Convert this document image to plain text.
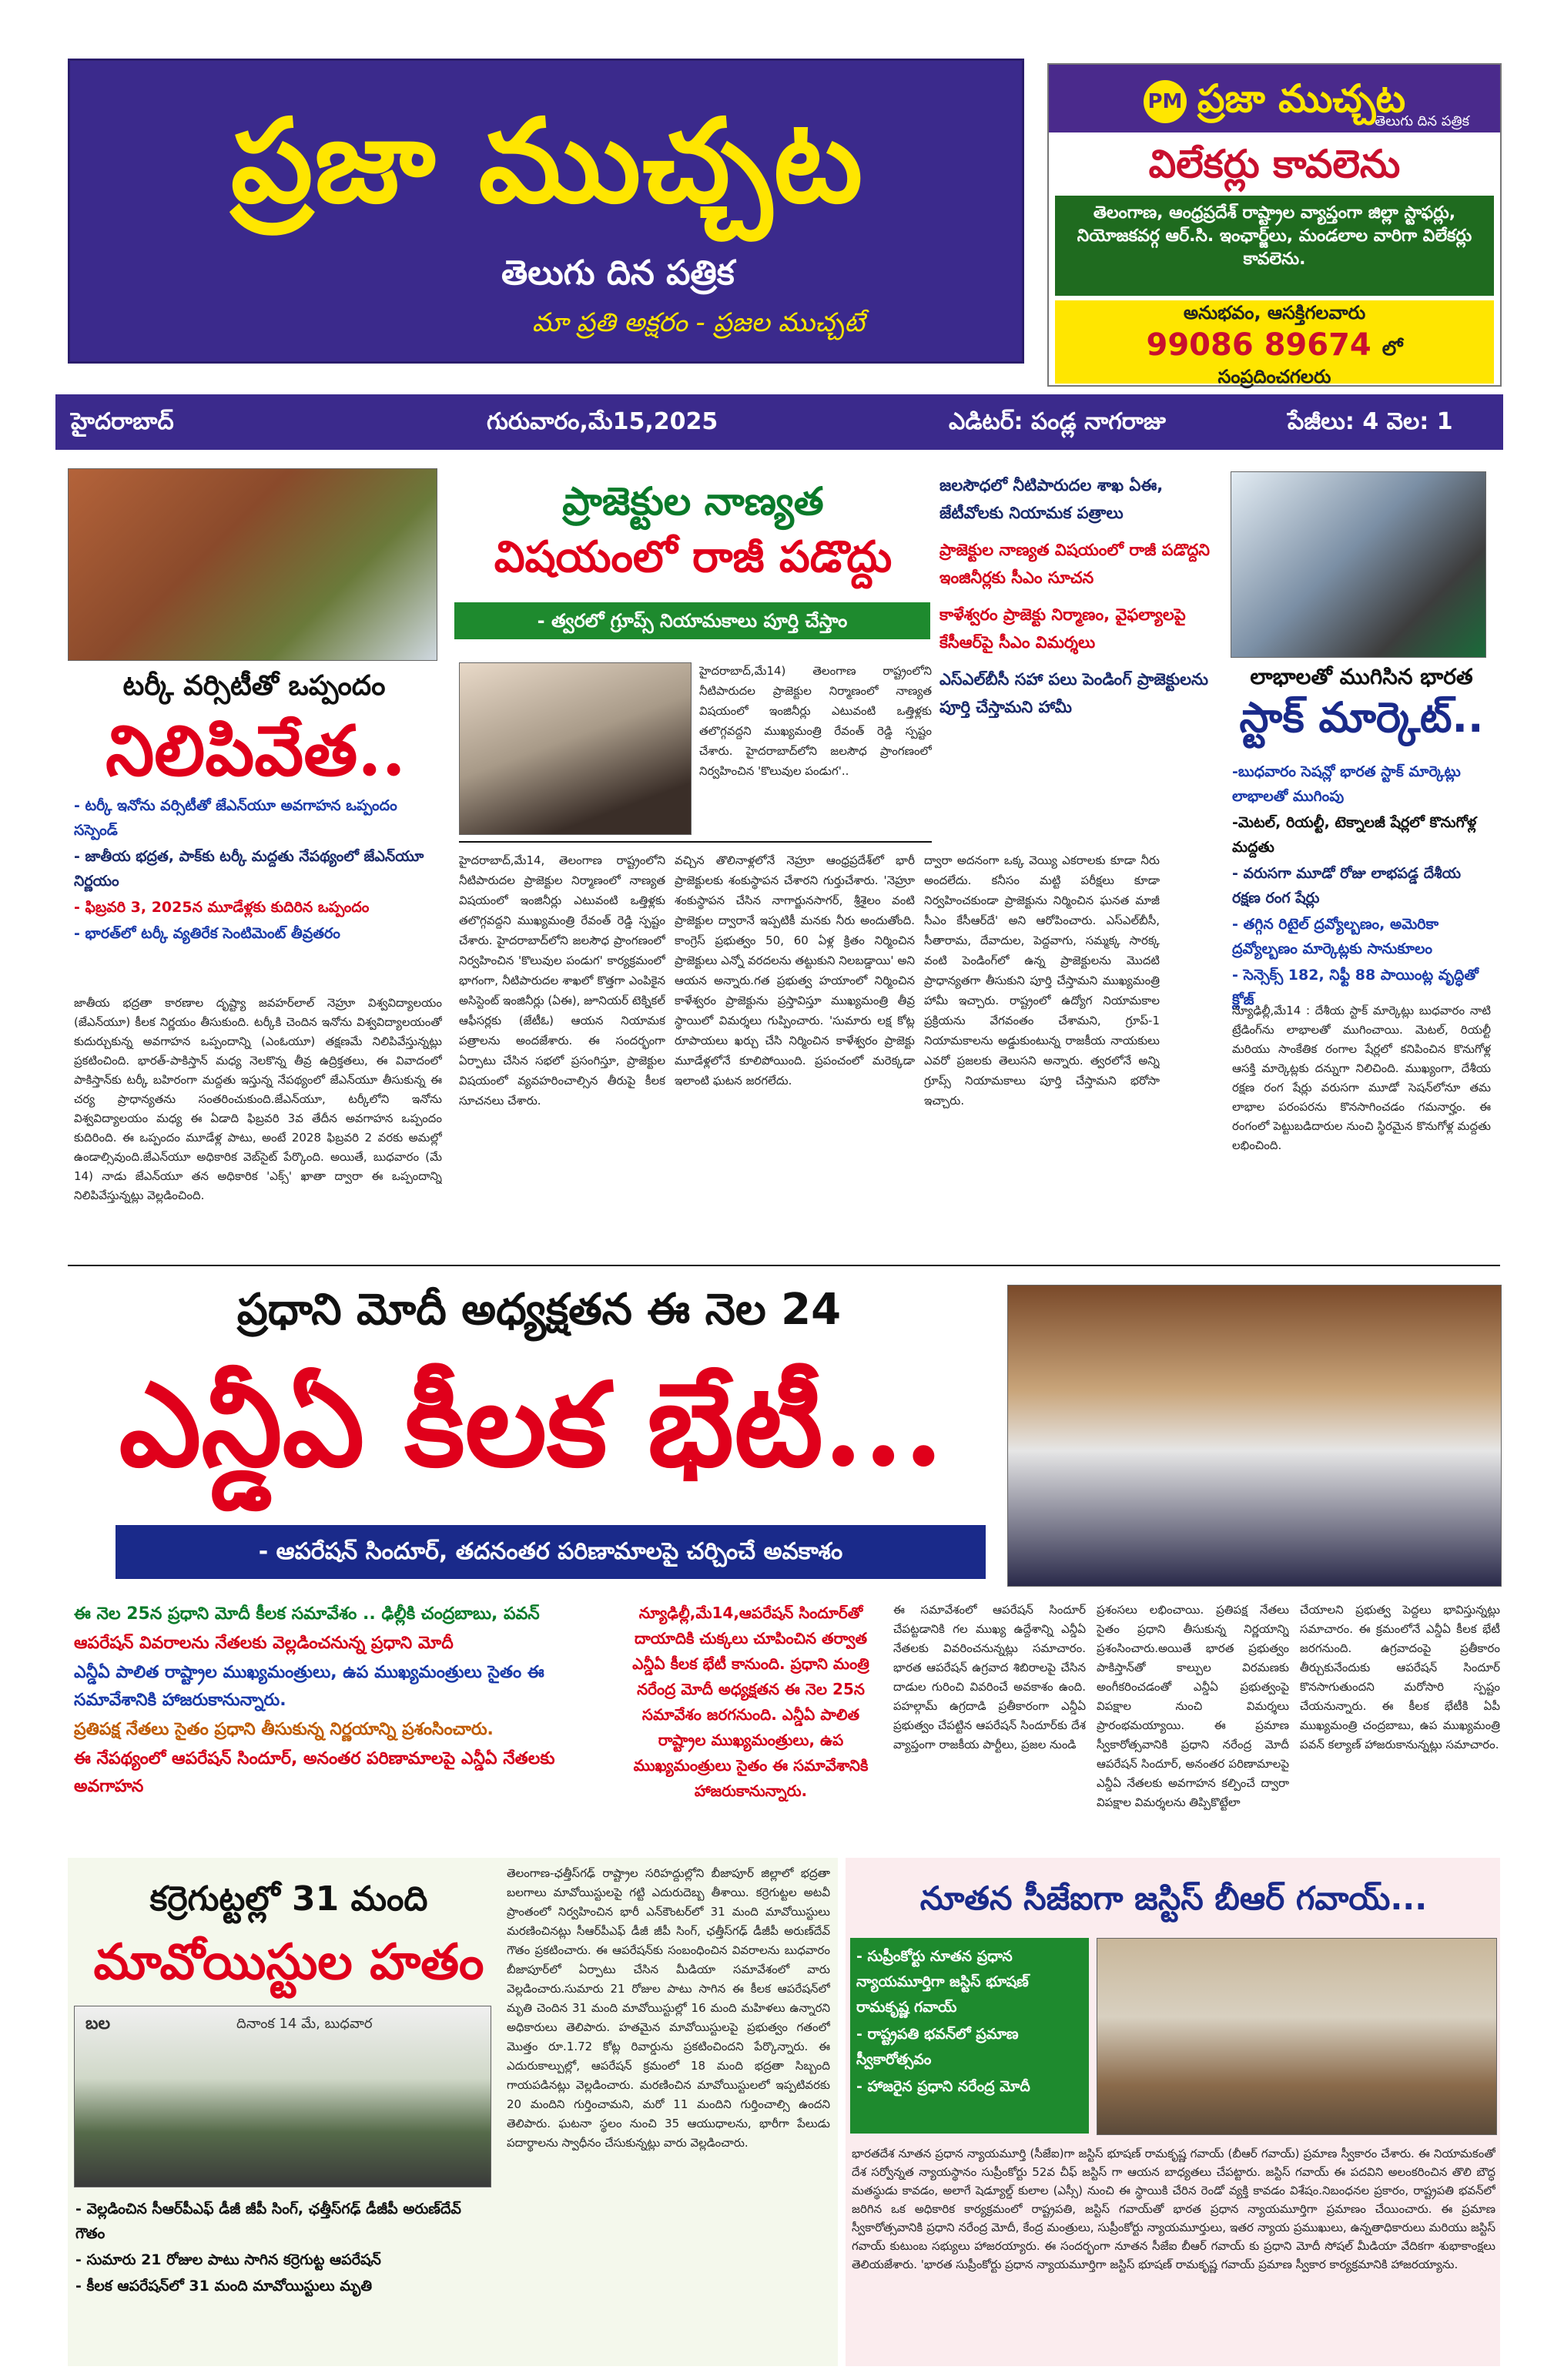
ప్రజా ముచ్చట
తెలుగు దిన పత్రిక
మా ప్రతి అక్షరం - ప్రజల ముచ్చటే
PM ప్రజా ముచ్చట
తెలుగు దిన పత్రిక
విలేకర్లు కావలెను
తెలంగాణ, ఆంధ్రప్రదేశ్ రాష్ట్రాల వ్యాప్తంగా జిల్లా స్టాఫర్లు, నియోజకవర్గ ఆర్.సి. ఇంఛార్జ్‌లు, మండలాల వారిగా విలేకర్లు కావలెను.
అనుభవం, ఆసక్తిగలవారు
99086 89674 లో
సంప్రదించగలరు
హైదరాబాద్	గురువారం,మే15,2025	ఎడిటర్: పండ్ల నాగరాజు	పేజీలు: 4 వెల: 1
టర్కీ వర్సిటీతో ఒప్పందం
నిలిపివేత..
- టర్కీ ఇనోను వర్సిటీతో జేఎన్‌యూ అవగాహన ఒప్పందం సస్పెండ్
- జాతీయ భద్రత, పాక్‌కు టర్కీ మద్దతు నేపథ్యంలో జేఎన్‌యూ నిర్ణయం
- ఫిబ్రవరి 3, 2025న మూడేళ్లకు కుదిరిన ఒప్పందం
- భారత్‌లో టర్కీ వ్యతిరేక సెంటిమెంట్ తీవ్రతరం
జాతీయ భద్రతా కారణాల దృష్ట్యా జవహర్‌లాల్ నెహ్రూ విశ్వవిద్యాలయం (జేఎన్‌యూ) కీలక నిర్ణయం తీసుకుంది. టర్కీకి చెందిన ఇనోను విశ్వవిద్యాలయంతో కుదుర్చుకున్న అవగాహన ఒప్పందాన్ని (ఎంఓయూ) తక్షణమే నిలిపివేస్తున్నట్లు ప్రకటించింది. భారత్-పాకిస్తాన్ మధ్య నెలకొన్న తీవ్ర ఉద్రిక్తతలు, ఈ వివాదంలో పాకిస్తాన్‌కు టర్కీ బహిరంగా మద్దతు ఇస్తున్న నేపథ్యంలో జేఎన్‌యూ తీసుకున్న ఈ చర్య ప్రాధాన్యతను సంతరించుకుంది.జేఎన్‌యూ, టర్కీలోని ఇనోను విశ్వవిద్యాలయం మధ్య ఈ ఏడాది ఫిబ్రవరి 3వ తేదీన అవగాహన ఒప్పందం కుదిరింది. ఈ ఒప్పందం మూడేళ్ల పాటు, అంటే 2028 ఫిబ్రవరి 2 వరకు అమల్లో ఉండాల్సివుంది.జేఎన్‌యూ అధికారిక వెబ్‌సైట్ పేర్కొంది. అయితే, బుధవారం (మే 14) నాడు జేఎన్‌యూ తన అధికారిక 'ఎక్స్' ఖాతా ద్వారా ఈ ఒప్పందాన్ని నిలిపివేస్తున్నట్లు వెల్లడించింది.
ప్రాజెక్టుల నాణ్యత
విషయంలో రాజీ పడొద్దు
- త్వరలో గ్రూప్స్ నియామకాలు పూర్తి చేస్తాం
హైదరాబాద్,మే14) తెలంగాణ రాష్ట్రంలోని నీటిపారుదల ప్రాజెక్టుల నిర్మాణంలో నాణ్యత విషయంలో ఇంజినీర్లు ఎటువంటి ఒత్తిళ్లకు తలొగ్గవద్దని ముఖ్యమంత్రి రేవంత్ రెడ్డి స్పష్టం చేశారు. హైదరాబాద్‌లోని జలసౌధ ప్రాంగణంలో నిర్వహించిన 'కొలువుల పండుగ'..
హైదరాబాద్,మే14, తెలంగాణ రాష్ట్రంలోని నీటిపారుదల ప్రాజెక్టుల నిర్మాణంలో నాణ్యత విషయంలో ఇంజినీర్లు ఎటువంటి ఒత్తిళ్లకు తలొగ్గవద్దని ముఖ్యమంత్రి రేవంత్ రెడ్డి స్పష్టం చేశారు. హైదరాబాద్‌లోని జలసౌధ ప్రాంగణంలో నిర్వహించిన 'కొలువుల పండుగ' కార్యక్రమంలో భాగంగా, నీటిపారుదల శాఖలో కొత్తగా ఎంపికైన అసిస్టెంట్ ఇంజినీర్లు (ఏఈ), జూనియర్ టెక్నికల్ ఆఫీసర్లకు (జేటీఓ) ఆయన నియామక పత్రాలను అందజేశారు. ఈ సందర్భంగా ఏర్పాటు చేసిన సభలో ప్రసంగిస్తూ, ప్రాజెక్టుల విషయంలో వ్యవహరించాల్సిన తీరుపై కీలక సూచనలు చేశారు.
వచ్చిన తొలినాళ్లలోనే నెహ్రూ ఆంధ్రప్రదేశ్‌లో భారీ ప్రాజెక్టులకు శంకుస్థాపన చేశారని గుర్తుచేశారు. 'నెహ్రూ శంకుస్థాపన చేసిన నాగార్జునసాగర్, శ్రీశైలం వంటి ప్రాజెక్టుల ద్వారానే ఇప్పటికీ మనకు నీరు అందుతోంది. కాంగ్రెస్ ప్రభుత్వం 50, 60 ఏళ్ల క్రితం నిర్మించిన ప్రాజెక్టులు ఎన్నో వరదలను తట్టుకుని నిలబడ్డాయి' అని ఆయన అన్నారు.గత ప్రభుత్వ హయాంలో నిర్మించిన కాళేశ్వరం ప్రాజెక్టును ప్రస్తావిస్తూ ముఖ్యమంత్రి తీవ్ర స్థాయిలో విమర్శలు గుప్పించారు. 'సుమారు లక్ష కోట్ల రూపాయలు ఖర్చు చేసి నిర్మించిన కాళేశ్వరం ప్రాజెక్టు మూడేళ్లలోనే కూలిపోయింది. ప్రపంచంలో మరెక్కడా ఇలాంటి ఘటన జరగలేదు.
ద్వారా అదనంగా ఒక్క వెయ్యి ఎకరాలకు కూడా నీరు అందలేదు. కనీసం మట్టి పరీక్షలు కూడా నిర్వహించకుండా ప్రాజెక్టును నిర్మించిన ఘనత మాజీ సీఎం కేసీఆర్‌దే' అని ఆరోపించారు. ఎస్ఎల్‌బీసీ, సీతారామ, దేవాదుల, పెద్దవాగు, సమ్మక్క సారక్క వంటి పెండింగ్‌లో ఉన్న ప్రాజెక్టులను మొదటి ప్రాధాన్యతగా తీసుకుని పూర్తి చేస్తామని ముఖ్యమంత్రి హామీ ఇచ్చారు. రాష్ట్రంలో ఉద్యోగ నియామకాల ప్రక్రియను వేగవంతం చేశామని, గ్రూప్-1 నియామకాలను అడ్డుకుంటున్న రాజకీయ నాయకులు ఎవరో ప్రజలకు తెలుసని అన్నారు. త్వరలోనే అన్ని గ్రూప్స్ నియామకాలు పూర్తి చేస్తామని భరోసా ఇచ్చారు.
జలసౌధలో నీటిపారుదల శాఖ ఏఈ, జేటీవోలకు నియామక పత్రాలు
ప్రాజెక్టుల నాణ్యత విషయంలో రాజీ పడొద్దని ఇంజినీర్లకు సీఎం సూచన
కాళేశ్వరం ప్రాజెక్టు నిర్మాణం, వైఫల్యాలపై కేసీఆర్‌పై సీఎం విమర్శలు
ఎస్ఎల్‌బీసీ సహా పలు పెండింగ్ ప్రాజెక్టులను పూర్తి చేస్తామని హామీ
లాభాలతో ముగిసిన భారత
స్టాక్ మార్కెట్..
-బుధవారం సెషన్లో భారత స్టాక్ మార్కెట్లు లాభాలతో ముగింపు
-మెటల్, రియల్టీ, టెక్నాలజీ షేర్లలో కొనుగోళ్ల మద్దతు
- వరుసగా మూడో రోజు లాభపడ్డ దేశీయ రక్షణ రంగ షేర్లు
- తగ్గిన రిటైల్ ద్రవ్యోల్బణం, అమెరికా ద్రవ్యోల్బణం మార్కెట్లకు సానుకూలం
- సెన్సెక్స్ 182, నిఫ్టీ 88 పాయింట్ల వృద్ధితో క్లోజ్
న్యూఢిల్లీ,మే14 : దేశీయ స్టాక్ మార్కెట్లు బుధవారం నాటి ట్రేడింగ్‌ను లాభాలతో ముగించాయి. మెటల్, రియల్టీ మరియు సాంకేతిక రంగాల షేర్లలో కనిపించిన కొనుగోళ్ల ఆసక్తి మార్కెట్లకు దన్నుగా నిలిచింది. ముఖ్యంగా, దేశీయ రక్షణ రంగ షేర్లు వరుసగా మూడో సెషన్‌లోనూ తమ లాభాల పరంపరను కొనసాగించడం గమనార్హం. ఈ రంగంలో పెట్టుబడిదారుల నుంచి స్థిరమైన కొనుగోళ్ల మద్దతు లభించింది.
ప్రధాని మోదీ అధ్యక్షతన ఈ నెల 24
ఎన్డీఏ కీలక భేటీ...
- ఆపరేషన్ సిందూర్, తదనంతర పరిణామాలపై చర్చించే అవకాశం
ఈ నెల 25న ప్రధాని మోదీ కీలక సమావేశం .. ఢిల్లీకి చంద్రబాబు, పవన్
ఆపరేషన్ వివరాలను నేతలకు వెల్లడించనున్న ప్రధాని మోదీ
ఎన్డీఏ పాలిత రాష్ట్రాల ముఖ్యమంత్రులు, ఉప ముఖ్యమంత్రులు సైతం ఈ సమావేశానికి హాజరుకానున్నారు.
ప్రతిపక్ష నేతలు సైతం ప్రధాని తీసుకున్న నిర్ణయాన్ని ప్రశంసించారు.
ఈ నేపథ్యంలో ఆపరేషన్ సిందూర్, అనంతర పరిణామాలపై ఎన్డీఏ నేతలకు అవగాహన
న్యూఢిల్లీ,మే14,ఆపరేషన్ సిందూర్‌తో దాయాదికి చుక్కలు చూపించిన తర్వాత ఎన్డీఏ కీలక భేటీ కానుంది. ప్రధాని మంత్రి నరేంద్ర మోదీ అధ్యక్షతన ఈ నెల 25న సమావేశం జరగనుంది. ఎన్డీఏ పాలిత రాష్ట్రాల ముఖ్యమంత్రులు, ఉప ముఖ్యమంత్రులు సైతం ఈ సమావేశానికి హాజరుకానున్నారు.
ఈ సమావేశంలో ఆపరేషన్ సిందూర్ చేపట్టడానికి గల ముఖ్య ఉద్దేశాన్ని ఎన్డీఏ నేతలకు వివరించనున్నట్లు సమాచారం. భారత ఆపరేషన్ ఉగ్రవాద శిబిరాలపై చేసిన దాడుల గురించి వివరించే అవకాశం ఉంది. పహల్గామ్ ఉగ్రదాడి ప్రతీకారంగా ఎన్డీఏ ప్రభుత్వం చేపట్టిన ఆపరేషన్ సిందూర్‌కు దేశ వ్యాప్తంగా రాజకీయ పార్టీలు, ప్రజల నుండి
ప్రశంసలు లభించాయి. ప్రతిపక్ష నేతలు సైతం ప్రధాని తీసుకున్న నిర్ణయాన్ని ప్రశంసించారు.అయితే భారత ప్రభుత్వం పాకిస్తాన్‌తో కాల్పుల విరమణకు అంగీకరించడంతో ఎన్డీఏ ప్రభుత్వంపై విపక్షాల నుంచి విమర్శలు ప్రారంభమయ్యాయి. ఈ ప్రమాణ స్వీకారోత్సవానికి ప్రధాని నరేంద్ర మోదీ ఆపరేషన్ సిందూర్, అనంతర పరిణామాలపై ఎన్డీఏ నేతలకు అవగాహన కల్పించే ద్వారా విపక్షాల విమర్శలను తిప్పికొట్టేలా
చేయాలని ప్రభుత్వ పెద్దలు భావిస్తున్నట్లు సమాచారం. ఈ క్రమంలోనే ఎన్డీఏ కీలక భేటీ జరగనుంది. ఉగ్రవాదంపై ప్రతీకారం తీర్చుకునేందుకు ఆపరేషన్ సిందూర్ కొనసాగుతుందని మరోసారి స్పష్టం చేయనున్నారు. ఈ కీలక భేటీకి ఏపీ ముఖ్యమంత్రి చంద్రబాబు, ఉప ముఖ్యమంత్రి పవన్ కల్యాణ్ హాజరుకానున్నట్లు సమాచారం.
కర్రెగుట్టల్లో 31 మంది
మావోయిస్టుల హతం
బల	దినాంక 14 మే, బుధవార
- వెల్లడించిన సీఆర్‌పీఎఫ్ డీజీ జీపీ సింగ్, ఛత్తీస్‌గఢ్ డీజీపీ అరుణ్‌దేవ్ గౌతం
- సుమారు 21 రోజుల పాటు సాగిన కర్రెగుట్ట ఆపరేషన్
- కీలక ఆపరేషన్‌లో 31 మంది మావోయిస్టులు మృతి
తెలంగాణ-ఛత్తీస్‌గఢ్ రాష్ట్రాల సరిహద్దుల్లోని బీజాపూర్ జిల్లాలో భద్రతా బలగాలు మావోయిస్టులపై గట్టి ఎదురుదెబ్బ తీశాయి. కర్రెగుట్టల అటవీ ప్రాంతంలో నిర్వహించిన భారీ ఎన్‌కౌంటర్‌లో 31 మంది మావోయిస్టులు మరణించినట్లు సీఆర్‌పీఎఫ్ డీజీ జీపీ సింగ్, ఛత్తీస్‌గఢ్ డీజీపీ అరుణ్‌దేవ్ గౌతం ప్రకటించారు. ఈ ఆపరేషన్‌కు సంబంధించిన వివరాలను బుధవారం బీజాపూర్‌లో ఏర్పాటు చేసిన మీడియా సమావేశంలో వారు వెల్లడించారు.సుమారు 21 రోజుల పాటు సాగిన ఈ కీలక ఆపరేషన్‌లో మృతి చెందిన 31 మంది మావోయిస్టుల్లో 16 మంది మహిళలు ఉన్నారని అధికారులు తెలిపారు. హతమైన మావోయిస్టులపై ప్రభుత్వం గతంలో మొత్తం రూ.1.72 కోట్ల రివార్డును ప్రకటించిందని పేర్కొన్నారు. ఈ ఎదురుకాల్పుల్లో, ఆపరేషన్ క్రమంలో 18 మంది భద్రతా సిబ్బంది గాయపడినట్లు వెల్లడించారు. మరణించిన మావోయిస్టులలో ఇప్పటివరకు 20 మందిని గుర్తించామని, మరో 11 మందిని గుర్తించాల్సి ఉందని తెలిపారు. ఘటనా స్థలం నుంచి 35 ఆయుధాలను, భారీగా పేలుడు పదార్థాలను స్వాధీనం చేసుకున్నట్లు వారు వెల్లడించారు.
నూతన సీజేఐగా జస్టిస్ బీఆర్ గవాయ్...
- సుప్రీంకోర్టు నూతన ప్రధాన న్యాయమూర్తిగా జస్టిస్ భూషణ్ రామకృష్ణ గవాయ్
- రాష్ట్రపతి భవన్‌లో ప్రమాణ స్వీకారోత్సవం
- హాజరైన ప్రధాని నరేంద్ర మోదీ
భారతదేశ నూతన ప్రధాన న్యాయమూర్తి (సీజేఐ)గా జస్టిస్ భూషణ్ రామకృష్ణ గవాయ్ (బీఆర్ గవాయ్) ప్రమాణ స్వీకారం చేశారు. ఈ నియామకంతో దేశ సర్వోన్నత న్యాయస్థానం సుప్రీంకోర్టు 52వ చీఫ్ జస్టిస్ గా ఆయన బాధ్యతలు చేపట్టారు. జస్టిస్ గవాయ్ ఈ పదవిని అలంకరించిన తొలి బౌద్ధ మతస్థుడు కావడం, అలాగే షెడ్యూల్డ్ కులాల (ఎస్సీ) నుంచి ఈ స్థాయికి చేరిన రెండో వ్యక్తి కావడం విశేషం.నిబంధనల ప్రకారం, రాష్ట్రపతి భవన్‌లో జరిగిన ఒక అధికారిక కార్యక్రమంలో రాష్ట్రపతి, జస్టిస్ గవాయ్‌తో భారత ప్రధాన న్యాయమూర్తిగా ప్రమాణం చేయించారు. ఈ ప్రమాణ స్వీకారోత్సవానికి ప్రధాని నరేంద్ర మోదీ, కేంద్ర మంత్రులు, సుప్రీంకోర్టు న్యాయమూర్తులు, ఇతర న్యాయ ప్రముఖులు, ఉన్నతాధికారులు మరియు జస్టిస్ గవాయ్ కుటుంబ సభ్యులు హాజరయ్యారు. ఈ సందర్భంగా నూతన సీజేఐ బీఆర్ గవాయ్ కు ప్రధాని మోదీ సోషల్ మీడియా వేదికగా శుభాకాంక్షలు తెలియజేశారు. 'భారత సుప్రీంకోర్టు ప్రధాన న్యాయమూర్తిగా జస్టిస్ భూషణ్ రామకృష్ణ గవాయ్ ప్రమాణ స్వీకార కార్యక్రమానికి హాజరయ్యాను.
